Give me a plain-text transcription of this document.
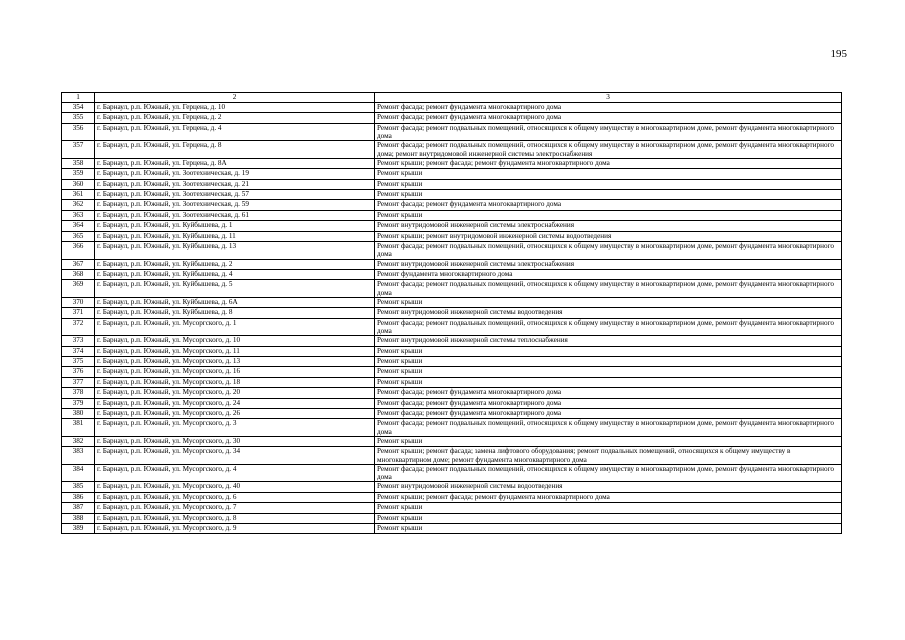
195
1	2	3
354	г. Барнаул, р.п. Южный, ул. Герцена, д. 10	Ремонт фасада; ремонт фундамента многоквартирного дома
355	г. Барнаул, р.п. Южный, ул. Герцена, д. 2	Ремонт фасада; ремонт фундамента многоквартирного дома
356	г. Барнаул, р.п. Южный, ул. Герцена, д. 4	Ремонт фасада; ремонт подвальных помещений, относящихся к общему имуществу в многоквартирном доме, ремонт фундамента многоквартирного дома
357	г. Барнаул, р.п. Южный, ул. Герцена, д. 8	Ремонт фасада; ремонт подвальных помещений, относящихся к общему имуществу в многоквартирном доме, ремонт фундамента многоквартирного дома; ремонт внутридомовой инженерной системы электроснабжения
358	г. Барнаул, р.п. Южный, ул. Герцена, д. 8А	Ремонт крыши; ремонт фасада; ремонт фундамента многоквартирного дома
359	г. Барнаул, р.п. Южный, ул. Зоотехническая, д. 19	Ремонт крыши
360	г. Барнаул, р.п. Южный, ул. Зоотехническая, д. 21	Ремонт крыши
361	г. Барнаул, р.п. Южный, ул. Зоотехническая, д. 57	Ремонт крыши
362	г. Барнаул, р.п. Южный, ул. Зоотехническая, д. 59	Ремонт фасада; ремонт фундамента многоквартирного дома
363	г. Барнаул, р.п. Южный, ул. Зоотехническая, д. 61	Ремонт крыши
364	г. Барнаул, р.п. Южный, ул. Куйбышева, д. 1	Ремонт внутридомовой инженерной системы электроснабжения
365	г. Барнаул, р.п. Южный, ул. Куйбышева, д. 11	Ремонт крыши; ремонт внутридомовой инженерной системы водоотведения
366	г. Барнаул, р.п. Южный, ул. Куйбышева, д. 13	Ремонт фасада; ремонт подвальных помещений, относящихся к общему имуществу в многоквартирном доме, ремонт фундамента многоквартирного дома
367	г. Барнаул, р.п. Южный, ул. Куйбышева, д. 2	Ремонт внутридомовой инженерной системы электроснабжения
368	г. Барнаул, р.п. Южный, ул. Куйбышева, д. 4	Ремонт фундамента многоквартирного дома
369	г. Барнаул, р.п. Южный, ул. Куйбышева, д. 5	Ремонт фасада; ремонт подвальных помещений, относящихся к общему имуществу в многоквартирном доме, ремонт фундамента многоквартирного дома
370	г. Барнаул, р.п. Южный, ул. Куйбышева, д. 6А	Ремонт крыши
371	г. Барнаул, р.п. Южный, ул. Куйбышева, д. 8	Ремонт внутридомовой инженерной системы водоотведения
372	г. Барнаул, р.п. Южный, ул. Мусоргского, д. 1	Ремонт фасада; ремонт подвальных помещений, относящихся к общему имуществу в многоквартирном доме, ремонт фундамента многоквартирного дома
373	г. Барнаул, р.п. Южный, ул. Мусоргского, д. 10	Ремонт внутридомовой инженерной системы теплоснабжения
374	г. Барнаул, р.п. Южный, ул. Мусоргского, д. 11	Ремонт крыши
375	г. Барнаул, р.п. Южный, ул. Мусоргского, д. 13	Ремонт крыши
376	г. Барнаул, р.п. Южный, ул. Мусоргского, д. 16	Ремонт крыши
377	г. Барнаул, р.п. Южный, ул. Мусоргского, д. 18	Ремонт крыши
378	г. Барнаул, р.п. Южный, ул. Мусоргского, д. 20	Ремонт фасада; ремонт фундамента многоквартирного дома
379	г. Барнаул, р.п. Южный, ул. Мусоргского, д. 24	Ремонт фасада; ремонт фундамента многоквартирного дома
380	г. Барнаул, р.п. Южный, ул. Мусоргского, д. 26	Ремонт фасада; ремонт фундамента многоквартирного дома
381	г. Барнаул, р.п. Южный, ул. Мусоргского, д. 3	Ремонт фасада; ремонт подвальных помещений, относящихся к общему имуществу в многоквартирном доме, ремонт фундамента многоквартирного дома
382	г. Барнаул, р.п. Южный, ул. Мусоргского, д. 30	Ремонт крыши
383	г. Барнаул, р.п. Южный, ул. Мусоргского, д. 34	Ремонт крыши; ремонт фасада; замена лифтового оборудования; ремонт подвальных помещений, относящихся к общему имуществу в многоквартирном доме; ремонт фундамента многоквартирного дома
384	г. Барнаул, р.п. Южный, ул. Мусоргского, д. 4	Ремонт фасада; ремонт подвальных помещений, относящихся к общему имуществу в многоквартирном доме, ремонт фундамента многоквартирного дома
385	г. Барнаул, р.п. Южный, ул. Мусоргского, д. 40	Ремонт внутридомовой инженерной системы водоотведения
386	г. Барнаул, р.п. Южный, ул. Мусоргского, д. 6	Ремонт крыши; ремонт фасада; ремонт фундамента многоквартирного дома
387	г. Барнаул, р.п. Южный, ул. Мусоргского, д. 7	Ремонт крыши
388	г. Барнаул, р.п. Южный, ул. Мусоргского, д. 8	Ремонт крыши
389	г. Барнаул, р.п. Южный, ул. Мусоргского, д. 9	Ремонт крыши
